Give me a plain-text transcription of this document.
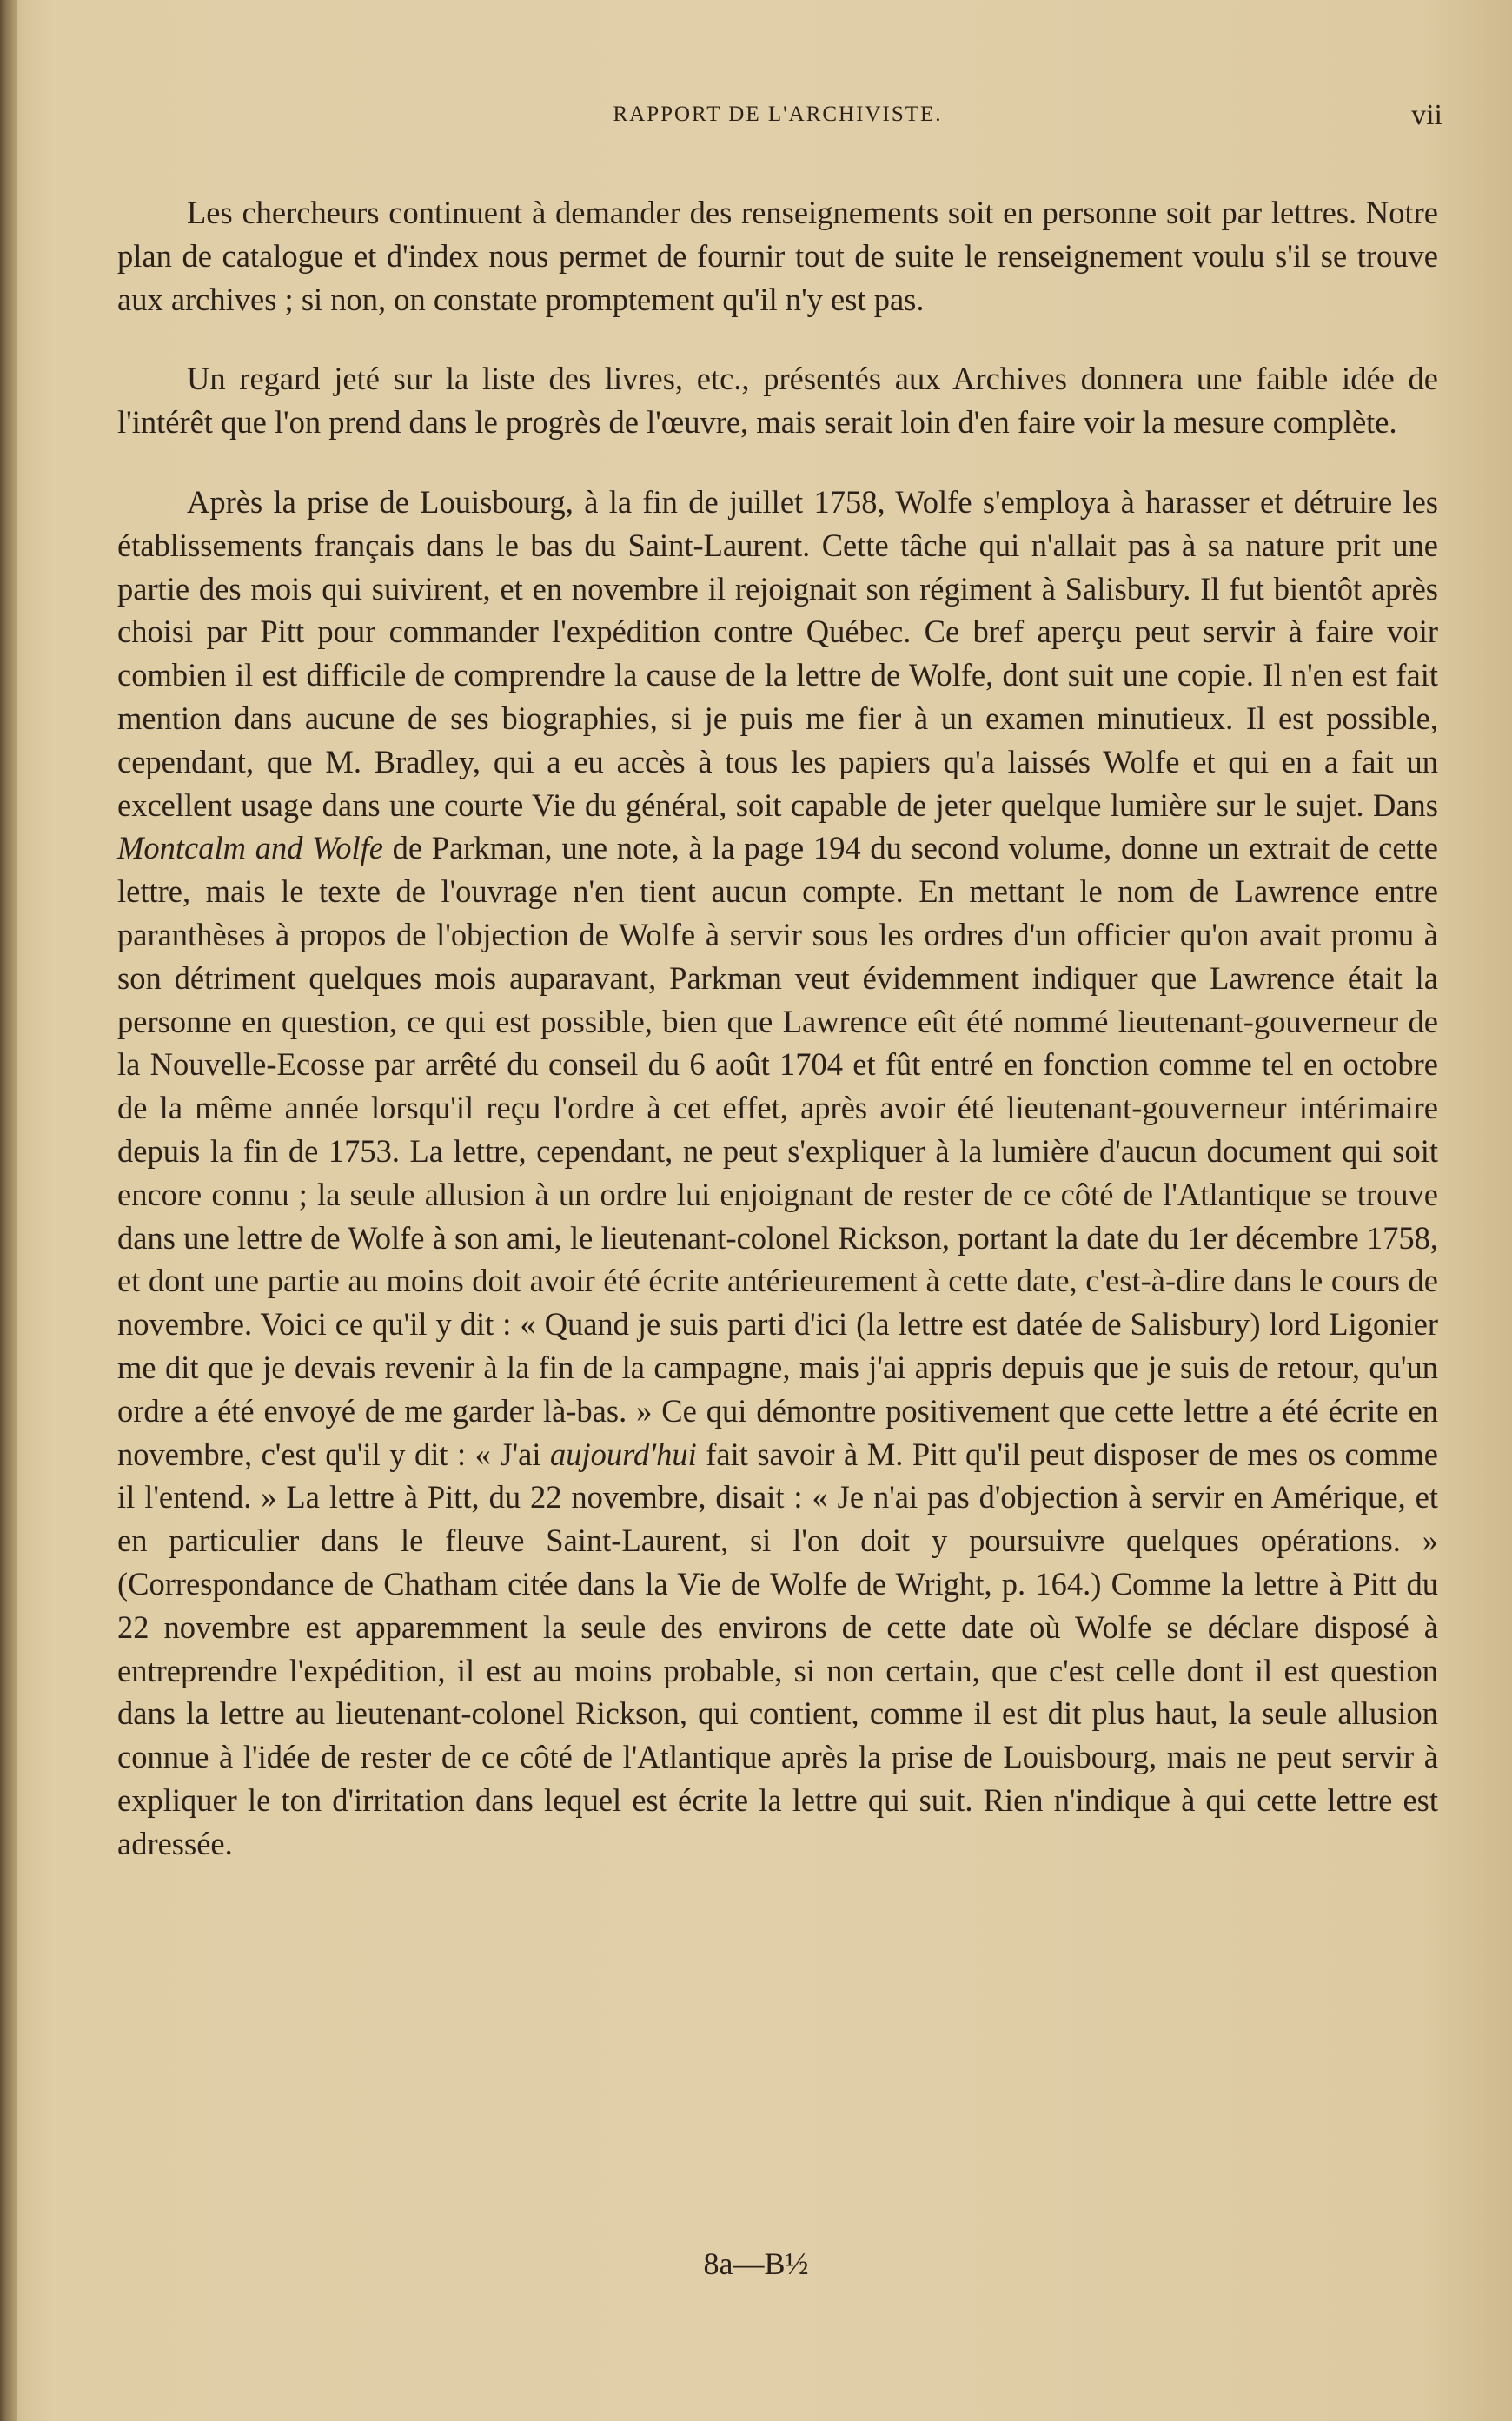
RAPPORT DE L'ARCHIVISTE.	vii

Les chercheurs continuent à demander des renseignements soit en personne soit par lettres. Notre plan de catalogue et d'index nous permet de fournir tout de suite le renseignement voulu s'il se trouve aux archives ; si non, on constate promptement qu'il n'y est pas.

Un regard jeté sur la liste des livres, etc., présentés aux Archives donnera une faible idée de l'intérêt que l'on prend dans le progrès de l'œuvre, mais serait loin d'en faire voir la mesure complète.

Après la prise de Louisbourg, à la fin de juillet 1758, Wolfe s'employa à harasser et détruire les établissements français dans le bas du Saint-Laurent. Cette tâche qui n'allait pas à sa nature prit une partie des mois qui suivirent, et en novembre il rejoignait son régiment à Salisbury. Il fut bientôt après choisi par Pitt pour commander l'expédition contre Québec. Ce bref aperçu peut servir à faire voir combien il est difficile de comprendre la cause de la lettre de Wolfe, dont suit une copie. Il n'en est fait mention dans aucune de ses biographies, si je puis me fier à un examen minutieux. Il est possible, cependant, que M. Bradley, qui a eu accès à tous les papiers qu'a laissés Wolfe et qui en a fait un excellent usage dans une courte Vie du général, soit capable de jeter quelque lumière sur le sujet. Dans Montcalm and Wolfe de Parkman, une note, à la page 194 du second volume, donne un extrait de cette lettre, mais le texte de l'ouvrage n'en tient aucun compte. En mettant le nom de Lawrence entre paranthèses à propos de l'objection de Wolfe à servir sous les ordres d'un officier qu'on avait promu à son détriment quelques mois auparavant, Parkman veut évidemment indiquer que Lawrence était la personne en question, ce qui est possible, bien que Lawrence eût été nommé lieutenant-gouverneur de la Nouvelle-Ecosse par arrêté du conseil du 6 août 1704 et fût entré en fonction comme tel en octobre de la même année lorsqu'il reçu l'ordre à cet effet, après avoir été lieutenant-gouverneur intérimaire depuis la fin de 1753. La lettre, cependant, ne peut s'expliquer à la lumière d'aucun document qui soit encore connu ; la seule allusion à un ordre lui enjoignant de rester de ce côté de l'Atlantique se trouve dans une lettre de Wolfe à son ami, le lieutenant-colonel Rickson, portant la date du 1er décembre 1758, et dont une partie au moins doit avoir été écrite antérieurement à cette date, c'est-à-dire dans le cours de novembre. Voici ce qu'il y dit : « Quand je suis parti d'ici (la lettre est datée de Salisbury) lord Ligonier me dit que je devais revenir à la fin de la campagne, mais j'ai appris depuis que je suis de retour, qu'un ordre a été envoyé de me garder là-bas. » Ce qui démontre positivement que cette lettre a été écrite en novembre, c'est qu'il y dit : « J'ai aujourd'hui fait savoir à M. Pitt qu'il peut disposer de mes os comme il l'entend. » La lettre à Pitt, du 22 novembre, disait : « Je n'ai pas d'objection à servir en Amérique, et en particulier dans le fleuve Saint-Laurent, si l'on doit y poursuivre quelques opérations. » (Correspondance de Chatham citée dans la Vie de Wolfe de Wright, p. 164.) Comme la lettre à Pitt du 22 novembre est apparemment la seule des environs de cette date où Wolfe se déclare disposé à entreprendre l'expédition, il est au moins probable, si non certain, que c'est celle dont il est question dans la lettre au lieutenant-colonel Rickson, qui contient, comme il est dit plus haut, la seule allusion connue à l'idée de rester de ce côté de l'Atlantique après la prise de Louisbourg, mais ne peut servir à expliquer le ton d'irritation dans lequel est écrite la lettre qui suit. Rien n'indique à qui cette lettre est adressée.

8a—B½
